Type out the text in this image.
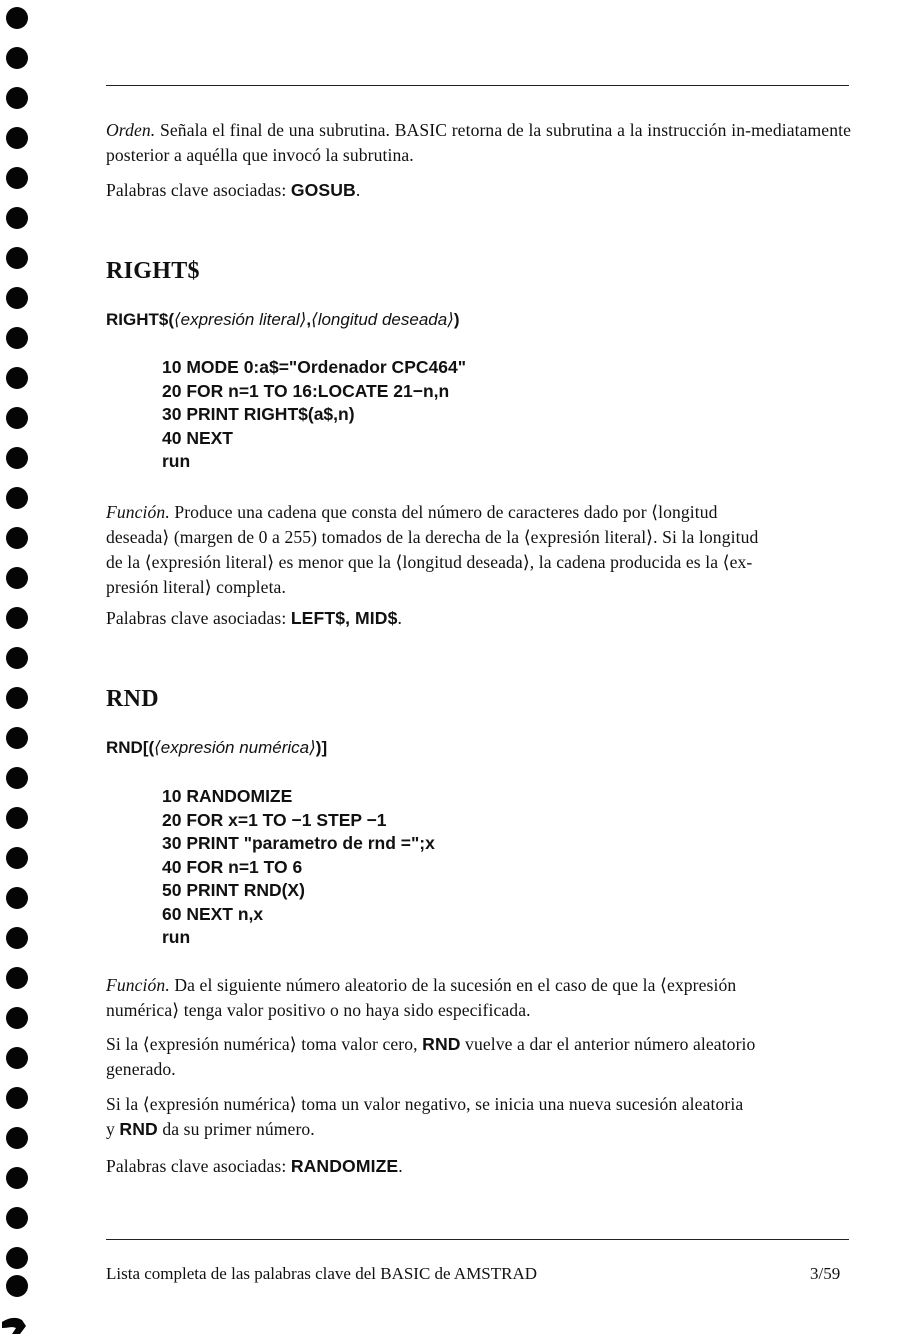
Orden. Señala el final de una subrutina. BASIC retorna de la subrutina a la instrucción in-mediatamente posterior a aquélla que invocó la subrutina.
Palabras clave asociadas: GOSUB.
RIGHT$
RIGHT$(⟨expresión literal⟩,⟨longitud deseada⟩)
10 MODE 0:a$="Ordenador CPC464"
20 FOR n=1 TO 16:LOCATE 21−n,n
30 PRINT RIGHT$(a$,n)
40 NEXT
run
Función. Produce una cadena que consta del número de caracteres dado por ⟨longitud
deseada⟩ (margen de 0 a 255) tomados de la derecha de la ⟨expresión literal⟩. Si la longitud
de la ⟨expresión literal⟩ es menor que la ⟨longitud deseada⟩, la cadena producida es la ⟨ex-
presión literal⟩ completa.
Palabras clave asociadas: LEFT$, MID$.
RND
RND[(⟨expresión numérica⟩)]
10 RANDOMIZE
20 FOR x=1 TO −1 STEP −1
30 PRINT "parametro de rnd =";x
40 FOR n=1 TO 6
50 PRINT RND(X)
60 NEXT n,x
run
Función. Da el siguiente número aleatorio de la sucesión en el caso de que la ⟨expresión
numérica⟩ tenga valor positivo o no haya sido especificada.
Si la ⟨expresión numérica⟩ toma valor cero, RND vuelve a dar el anterior número aleatorio
generado.
Si la ⟨expresión numérica⟩ toma un valor negativo, se inicia una nueva sucesión aleatoria
y RND da su primer número.
Palabras clave asociadas: RANDOMIZE.
Lista completa de las palabras clave del BASIC de AMSTRAD	3/59
